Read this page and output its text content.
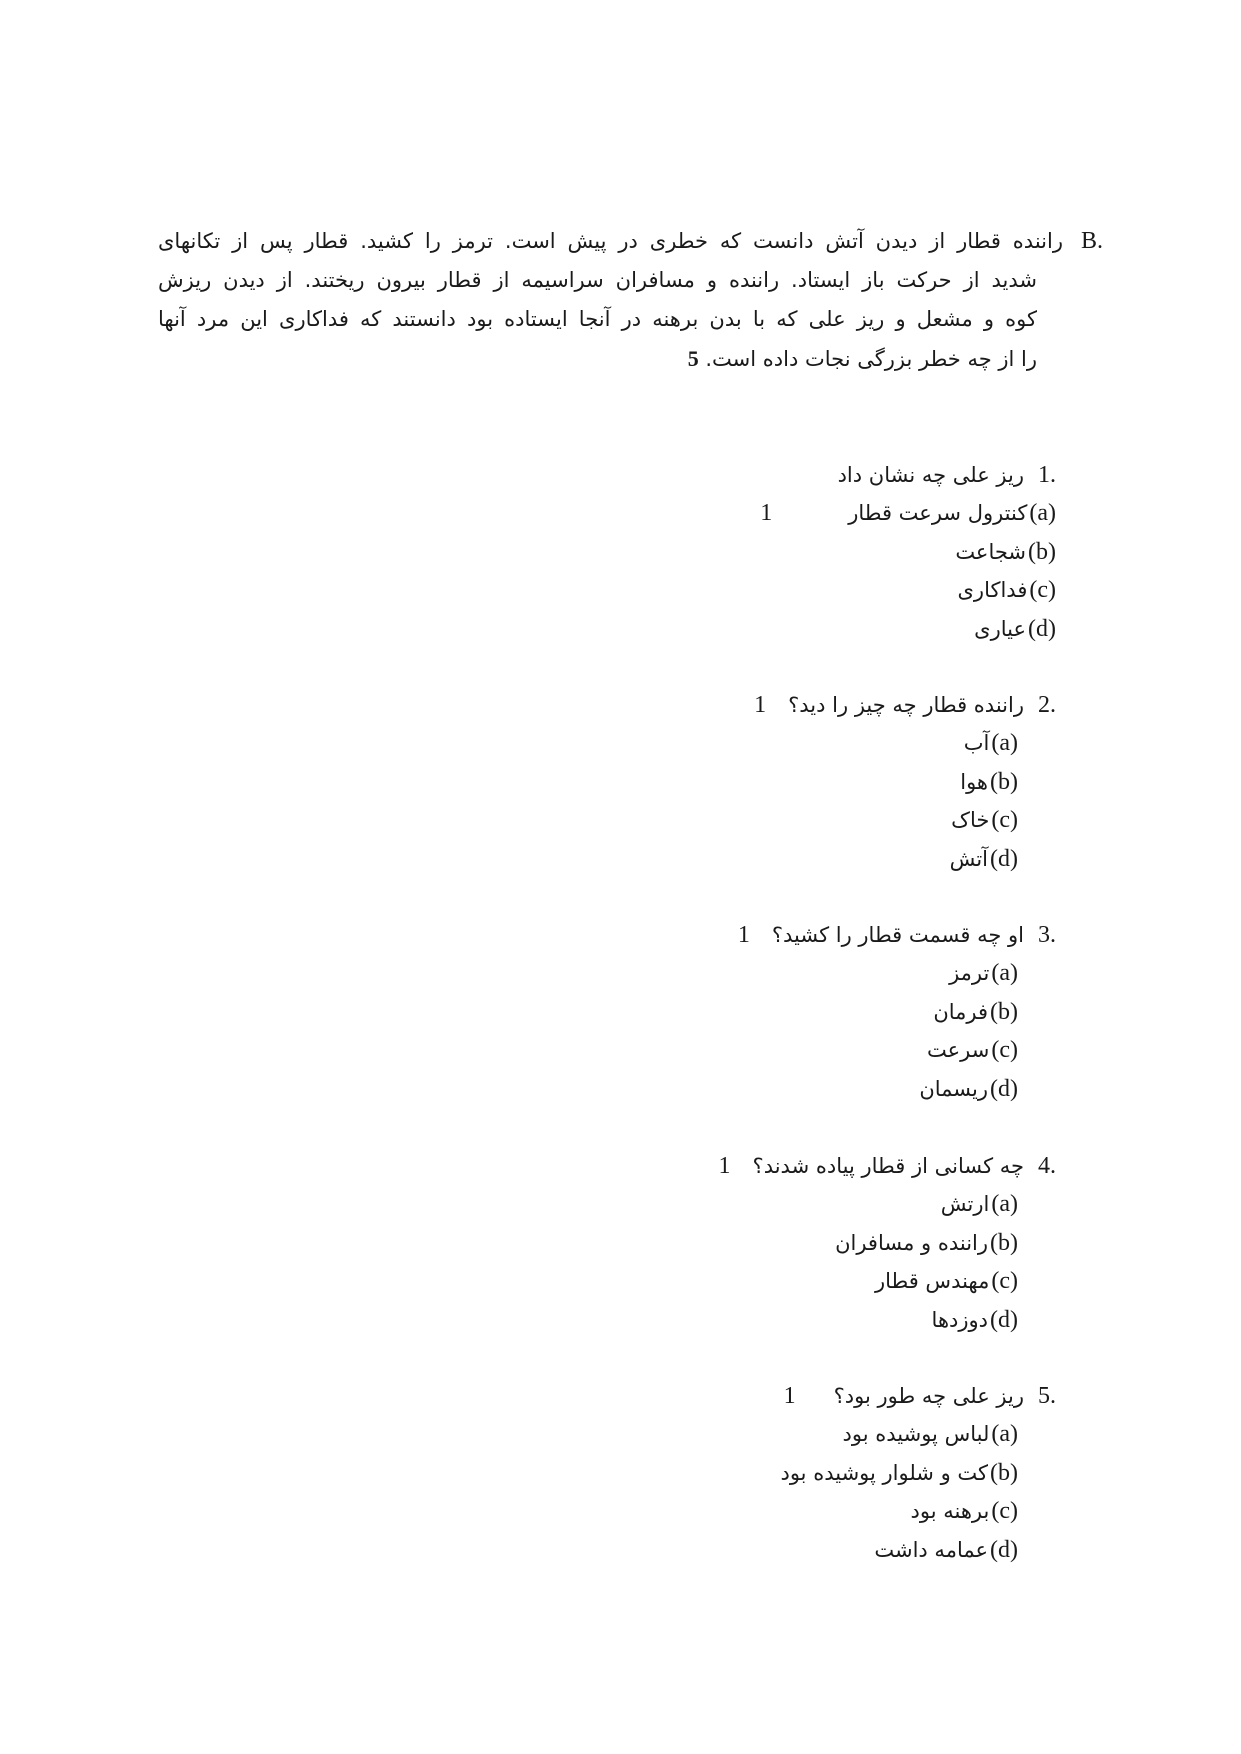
B.
راننده قطار از دیدن آتش دانست که خطری در پیش است. ترمز را کشید. قطار پس از تکانهای
شدید از حرکت باز ایستاد. راننده و مسافران سراسیمه از قطار بیرون ریختند. از دیدن ریزش
کوه و مشعل و ریز علی که با بدن برهنه در آنجا ایستاده بود دانستند که فداکاری این مرد آنها
را از چه خطر بزرگی نجات داده است. 5
1.
ریز علی چه نشان داد
(a)
کنترول سرعت قطار
1
(b)
شجاعت
(c)
فداکاری
(d)
عیاری
2.
راننده قطار چه چیز را دید؟
1
(a)
آب
(b)
هوا
(c)
خاک
(d)
آتش
3.
او چه قسمت قطار را کشید؟
1
(a)
ترمز
(b)
فرمان
(c)
سرعت
(d)
ریسمان
4.
چه کسانی از قطار پیاده شدند؟
1
(a)
ارتش
(b)
راننده و مسافران
(c)
مهندس قطار
(d)
دوزدها
5.
ریز علی چه طور بود؟
1
(a)
لباس پوشیده بود
(b)
کت و شلوار پوشیده بود
(c)
برهنه بود
(d)
عمامه داشت
